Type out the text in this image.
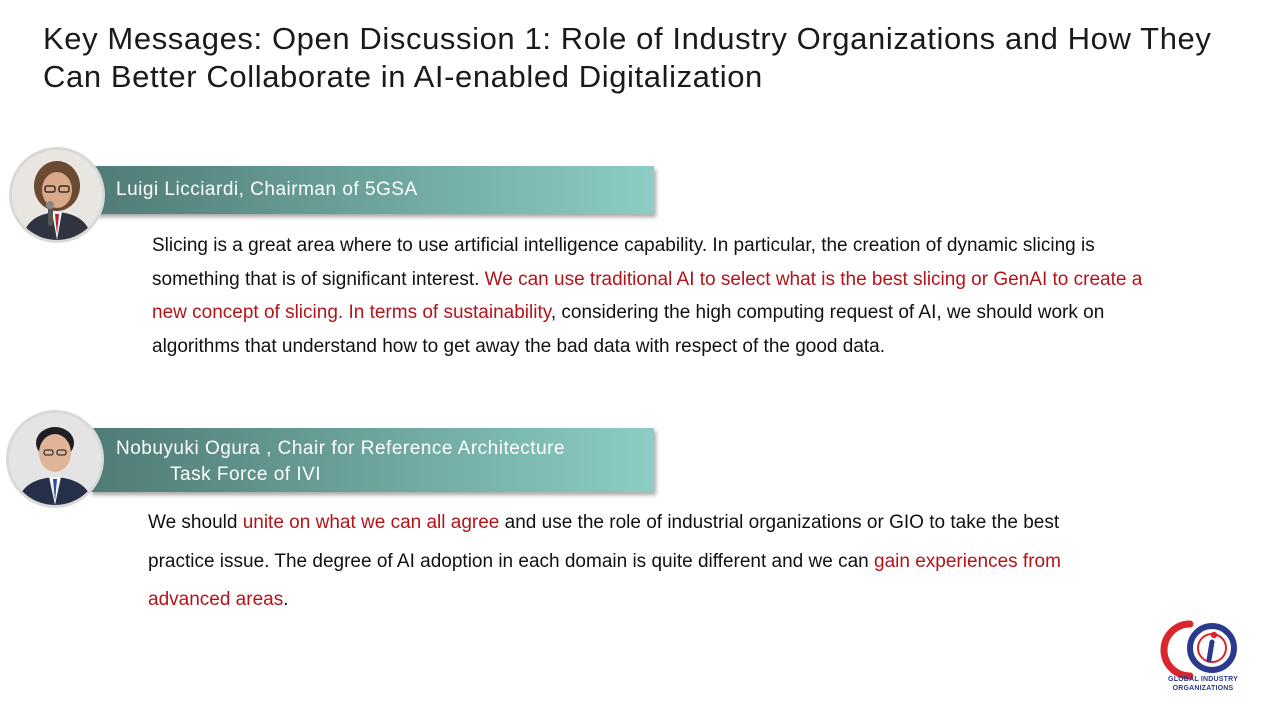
Key Messages: Open Discussion 1: Role of Industry Organizations and How They Can Better Collaborate in AI-enabled Digitalization
Luigi Licciardi, Chairman of 5GSA
Slicing is a great area where to use artificial intelligence capability. In particular, the creation of dynamic slicing is something that is of significant interest. We can use traditional AI to select what is the best slicing or GenAI to create a new concept of slicing. In terms of sustainability, considering the high computing request of AI, we should work on algorithms that understand how to get away the bad data with respect of the good data.
Nobuyuki Ogura , Chair for Reference Architecture
Task Force of IVI
We should unite on what we can all agree and use the role of industrial organizations or GIO to take the best practice issue. The degree of AI adoption in each domain is quite different and we can gain experiences from advanced areas.
GLOBAL INDUSTRY
ORGANIZATIONS
